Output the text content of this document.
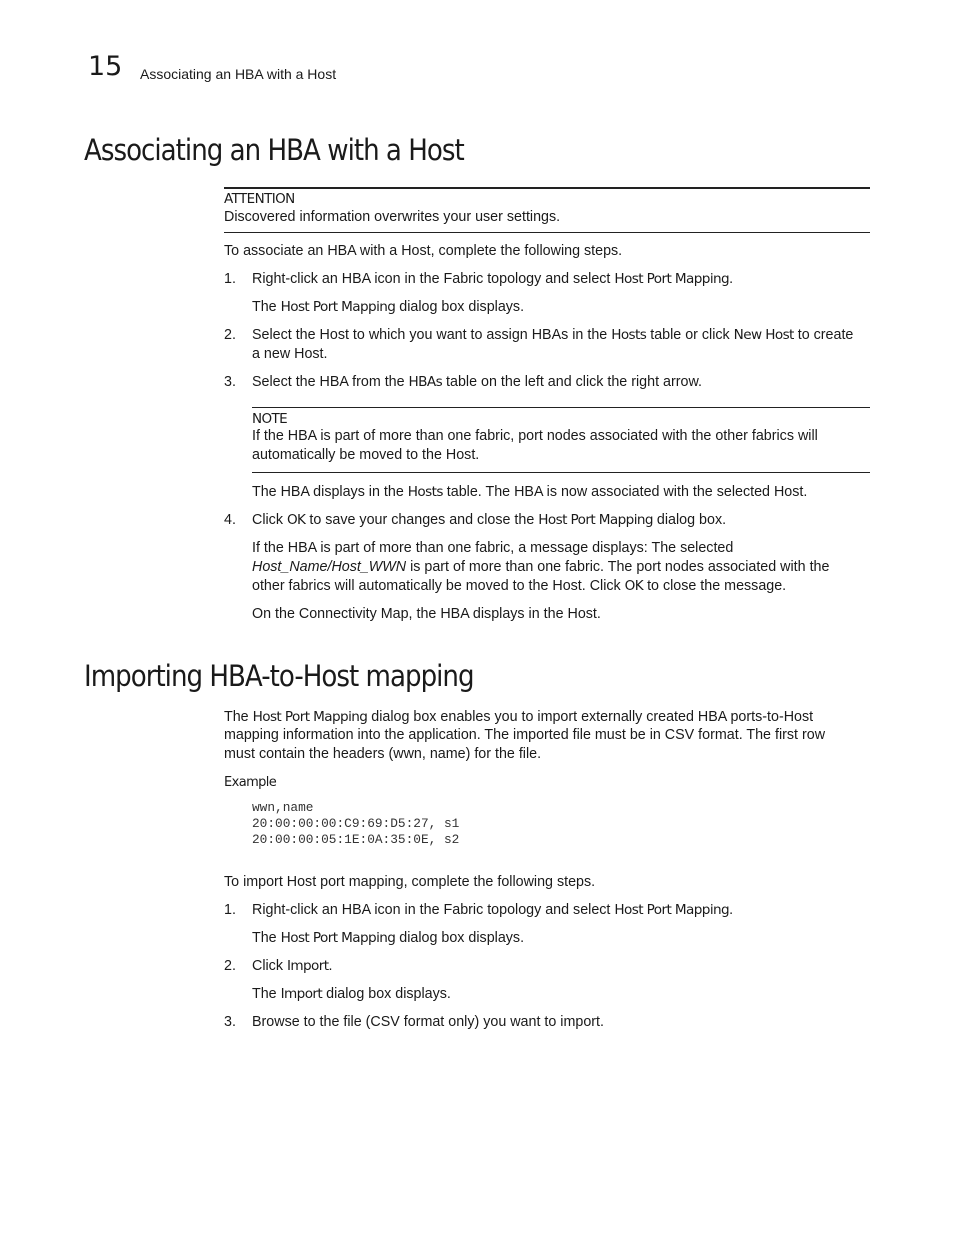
15 Associating an HBA with a Host
Associating an HBA with a Host
ATTENTION
Discovered information overwrites your user settings.
To associate an HBA with a Host, complete the following steps.
1. Right-click an HBA icon in the Fabric topology and select Host Port Mapping.
The Host Port Mapping dialog box displays.
2. Select the Host to which you want to assign HBAs in the Hosts table or click New Host to create
a new Host.
3. Select the HBA from the HBAs table on the left and click the right arrow.
NOTE
If the HBA is part of more than one fabric, port nodes associated with the other fabrics will
automatically be moved to the Host.
The HBA displays in the Hosts table. The HBA is now associated with the selected Host.
4. Click OK to save your changes and close the Host Port Mapping dialog box.
If the HBA is part of more than one fabric, a message displays: The selected
Host_Name/Host_WWN is part of more than one fabric. The port nodes associated with the
other fabrics will automatically be moved to the Host. Click OK to close the message.
On the Connectivity Map, the HBA displays in the Host.
Importing HBA-to-Host mapping
The Host Port Mapping dialog box enables you to import externally created HBA ports-to-Host
mapping information into the application. The imported file must be in CSV format. The first row
must contain the headers (wwn, name) for the file.
Example
wwn,name
20:00:00:00:C9:69:D5:27, s1
20:00:00:05:1E:0A:35:0E, s2
To import Host port mapping, complete the following steps.
1. Right-click an HBA icon in the Fabric topology and select Host Port Mapping.
The Host Port Mapping dialog box displays.
2. Click Import.
The Import dialog box displays.
3. Browse to the file (CSV format only) you want to import.
